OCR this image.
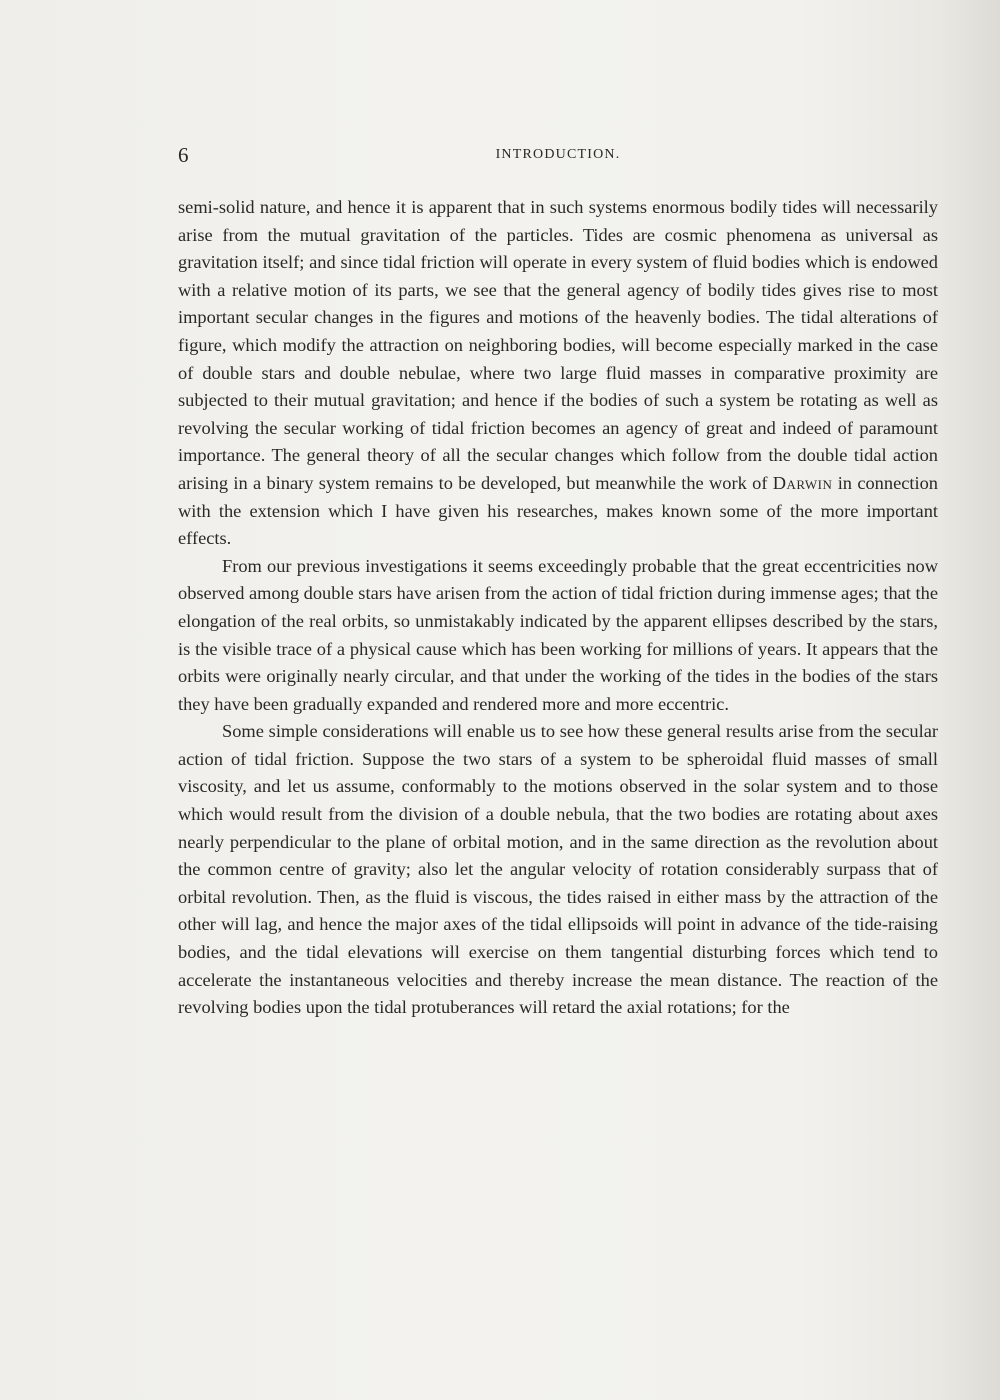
6	INTRODUCTION.

semi-solid nature, and hence it is apparent that in such systems enormous bodily tides will necessarily arise from the mutual gravitation of the particles. Tides are cosmic phenomena as universal as gravitation itself; and since tidal friction will operate in every system of fluid bodies which is endowed with a relative motion of its parts, we see that the general agency of bodily tides gives rise to most important secular changes in the figures and motions of the heavenly bodies. The tidal alterations of figure, which modify the attraction on neighboring bodies, will become especially marked in the case of double stars and double nebulae, where two large fluid masses in comparative proximity are subjected to their mutual gravitation; and hence if the bodies of such a system be rotating as well as revolving the secular working of tidal friction becomes an agency of great and indeed of paramount importance. The general theory of all the secular changes which follow from the double tidal action arising in a binary system remains to be developed, but meanwhile the work of Darwin in connection with the extension which I have given his researches, makes known some of the more important effects.

From our previous investigations it seems exceedingly probable that the great eccentricities now observed among double stars have arisen from the action of tidal friction during immense ages; that the elongation of the real orbits, so unmistakably indicated by the apparent ellipses described by the stars, is the visible trace of a physical cause which has been working for millions of years. It appears that the orbits were originally nearly circular, and that under the working of the tides in the bodies of the stars they have been gradually expanded and rendered more and more eccentric.

Some simple considerations will enable us to see how these general results arise from the secular action of tidal friction. Suppose the two stars of a system to be spheroidal fluid masses of small viscosity, and let us assume, conformably to the motions observed in the solar system and to those which would result from the division of a double nebula, that the two bodies are rotating about axes nearly perpendicular to the plane of orbital motion, and in the same direction as the revolution about the common centre of gravity; also let the angular velocity of rotation considerably surpass that of orbital revolution. Then, as the fluid is viscous, the tides raised in either mass by the attraction of the other will lag, and hence the major axes of the tidal ellipsoids will point in advance of the tide-raising bodies, and the tidal elevations will exercise on them tangential disturbing forces which tend to accelerate the instantaneous velocities and thereby increase the mean distance. The reaction of the revolving bodies upon the tidal protuberances will retard the axial rotations; for the
